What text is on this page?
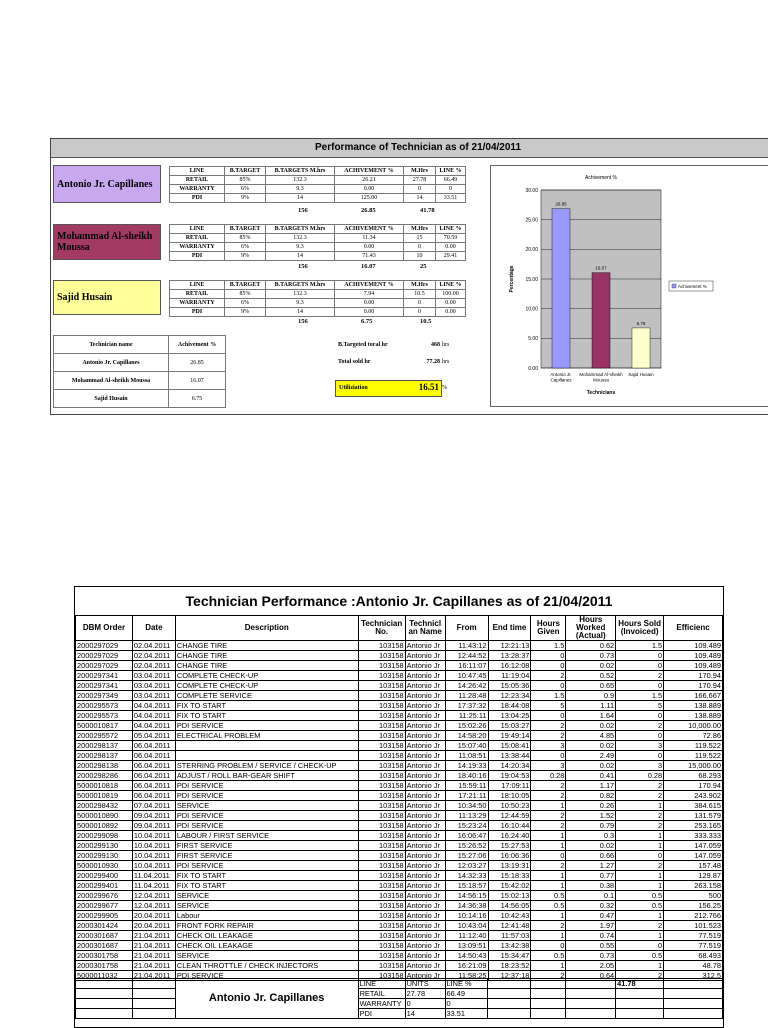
Performance of Technician as of 21/04/2011
Antonio Jr. Capillanes
LINE	B.TARGET	B.TARGETS M.hrs	ACHIVEMENT %	M.Hrs	LINE %
RETAIL	85%	132.3	26.21	27.78	66.49
WARRANTY	6%	9.3	0.00	0	0
PDI	9%	14	125.00	14	33.51
156	26.85	41.78
Mohammad Al-sheikh Moussa
LINE	B.TARGET	B.TARGETS M.hrs	ACHIVEMENT %	M.Hrs	LINE %
RETAIL	85%	132.3	11.34	15	70.59
WARRANTY	6%	9.3	0.00	0	0.00
PDI	9%	14	71.43	10	29.41
156	16.07	25
Sajid Husain
LINE	B.TARGET	B.TARGETS M.hrs	ACHIVEMENT %	M.Hrs	LINE %
RETAIL	85%	132.3	7.94	10.5	100.00
WARRANTY	6%	9.3	0.00	0	0.00
PDI	9%	14	0.00	0	0.00
156	6.75	10.5
Technician name	Achivement %
Antonio Jr. Capillanes	26.85
Mohammad Al-sheikh Moussa	16.07
Sajid Husain	6.75
B.Targeted toral hr	468 hrs
Total sold hr	77.28 hrs
Utiliziation	16.51 %
Achivement %
0.00
5.00
10.00
15.00
20.00
25.00
30.00
26.85
16.07
6.75
Antonio Jr. Capillanes
Mohammad Al-sheikh Moussa
Sajid Husain
Technicians
Percentage	Achivement %
Technician Performance :Antonio Jr. Capillanes as of 21/04/2011
DBM Order	Date	Description	Technician No.	Technicl an Name	From	End time	Hours Given	Hours Worked (Actual)	Hours Sold (Invoiced)	Efficienc
2000297029	02.04.2011	CHANGE TIRE	103158	Antonio Jr	11:43:12	12:21:13	1.5	0.62	1.5	109.489
2000297029	02.04.2011	CHANGE TIRE	103158	Antonio Jr	12:44:52	13:28:37	0	0.73	0	109.489
2000297029	02.04.2011	CHANGE TIRE	103158	Antonio Jr	16:11:07	16:12:08	0	0.02	0	109.489
2000297341	03.04.2011	COMPLETE CHECK-UP	103158	Antonio Jr	10:47:45	11:19:04	2	0.52	2	170.94
2000297341	03.04.2011	COMPLETE CHECK-UP	103158	Antonio Jr	14:26:42	15:05:36	0	0.65	0	170.94
2000297349	03.04.2011	COMPLETE SERVICE	103158	Antonio Jr	11:28:48	12:23:34	1.5	0.9	1.5	166.667
2000295573	04.04.2011	FIX TO START	103158	Antonio Jr	17:37:32	18:44:08	5	1.11	5	138.889
2000295573	04.04.2011	FIX TO START	103158	Antonio Jr	11:25:11	13:04:25	0	1.64	0	138.889
5000010817	04.04.2011	PDI SERVICE	103158	Antonio Jr	15:02:26	15:03:27	2	0.02	2	10,000.00
2000295572	05.04.2011	ELECTRICAL PROBLEM	103158	Antonio Jr	14:58:20	19:49:14	2	4.85	0	72.86
2000298137	06.04.2011		103158	Antonio Jr	15:07:40	15:08:41	3	0.02	3	119.522
2000298137	06.04.2011		103158	Antonio Jr	11:08:51	13:38:44	0	2.49	0	119.522
2000298138	06.04.2011	STERRING PROBLEM / SERVICE / CHECK-UP	103158	Antonio Jr	14:19:33	14:20:34	3	0.02	3	15,000.00
2000298286	06.04.2011	ADJUST / ROLL BAR-GEAR SHIFT	103158	Antonio Jr	18:40:16	19:04:53	0.28	0.41	0.28	68.293
5000010818	06.04.2011	PDI SERVICE	103158	Antonio Jr	15:59:11	17:09:11	2	1.17	2	170.94
5000010819	06.04.2011	PDI SERVICE	103158	Antonio Jr	17:21:11	18:10:05	2	0.82	2	243.902
2000298432	07.04.2011	SERVICE	103158	Antonio Jr	10:34:50	10:50:23	1	0.26	1	384.615
5000010890	09.04.2011	PDI SERVICE	103158	Antonio Jr	11:13:29	12:44:59	2	1.52	2	131.579
5000010892	09.04.2011	PDI SERVICE	103158	Antonio Jr	15:23:24	16:10:44	2	0.79	2	253.165
2000299098	10.04.2011	LABOUR / FIRST SERVICE	103158	Antonio Jr	16:06:47	16:24:40	1	0.3	1	333.333
2000299130	10.04.2011	FIRST SERVICE	103158	Antonio Jr	15:26:52	15:27:53	1	0.02	1	147.059
2000299130	10.04.2011	FIRST SERVICE	103158	Antonio Jr	15:27:06	16:06:36	0	0.66	0	147.059
5000010930	10.04.2011	PDI SERVICE	103158	Antonio Jr	12:03:27	13:19:31	2	1.27	2	157.48
2000299400	11.04.2011	FIX TO START	103158	Antonio Jr	14:32:33	15:18:33	1	0.77	1	129.87
2000299401	11.04.2011	FIX TO START	103158	Antonio Jr	15:18:57	15:42:02	1	0.38	1	263.158
2000299676	12.04.2011	SERVICE	103158	Antonio Jr	14:56:15	15:02:13	0.5	0.1	0.5	500
2000299677	12.04.2011	SERVICE	103158	Antonio Jr	14:36:38	14:56:05	0.5	0.32	0.5	156.25
2000299905	20.04.2011	Labour	103158	Antonio Jr	10:14:16	10:42:43	1	0.47	1	212.766
2000301424	20.04.2011	FRONT FORK REPAIR	103158	Antonio Jr	10:43:04	12:41:48	2	1.97	2	101.523
2000301687	21.04.2011	CHECK OIL LEAKAGE	103158	Antonio Jr	11:12:40	11:57:03	1	0.74	1	77.519
2000301687	21.04.2011	CHECK OIL LEAKAGE	103158	Antonio Jr	13:09:51	13:42:38	0	0.55	0	77.519
2000301758	21.04.2011	SERVICE	103158	Antonio Jr	14:50:43	15:34:47	0.5	0.73	0.5	68.493
2000301758	21.04.2011	CLEAN THROTTLE / CHECK INJECTORS	103158	Antonio Jr	16:21:09	18:23:52	1	2.05	1	48.78
5000011032	21.04.2011	PDI SERVICE	103158	Antonio Jr	11:58:25	12:37:18	2	0.64	2	312.5
		Antonio Jr. Capillanes	LINE	UNITS	LINE %				41.78	
			RETAIL	27.78	66.49					
			WARRANTY	0	0					
			PDI	14	33.51					
